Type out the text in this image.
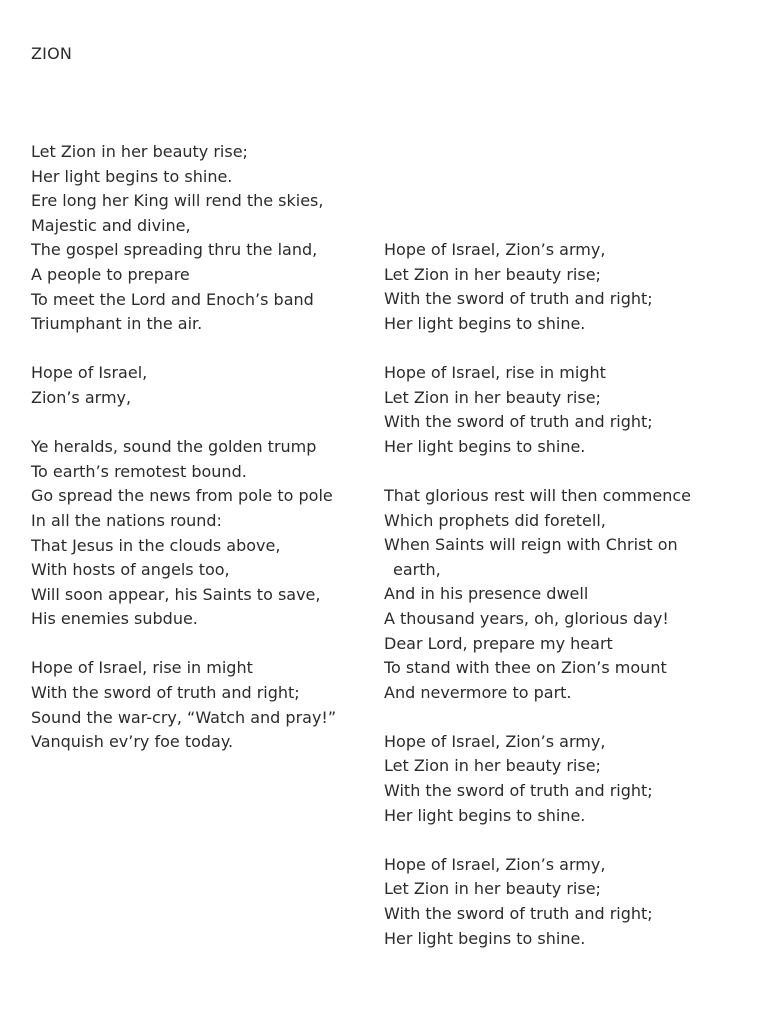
ZION
Let Zion in her beauty rise;
Her light begins to shine.
Ere long her King will rend the skies,
Majestic and divine,
The gospel spreading thru the land,
A people to prepare
To meet the Lord and Enoch’s band
Triumphant in the air.
Hope of Israel,
Zion’s army,
Ye heralds, sound the golden trump
To earth’s remotest bound.
Go spread the news from pole to pole
In all the nations round:
That Jesus in the clouds above,
With hosts of angels too,
Will soon appear, his Saints to save,
His enemies subdue.
Hope of Israel, rise in might
With the sword of truth and right;
Sound the war-cry, “Watch and pray!”
Vanquish ev’ry foe today.
Hope of Israel, Zion’s army,
Let Zion in her beauty rise;
With the sword of truth and right;
Her light begins to shine.
Hope of Israel, rise in might
Let Zion in her beauty rise;
With the sword of truth and right;
Her light begins to shine.
That glorious rest will then commence
Which prophets did foretell,
When Saints will reign with Christ on
earth,
And in his presence dwell
A thousand years, oh, glorious day!
Dear Lord, prepare my heart
To stand with thee on Zion’s mount
And nevermore to part.
Hope of Israel, Zion’s army,
Let Zion in her beauty rise;
With the sword of truth and right;
Her light begins to shine.
Hope of Israel, Zion’s army,
Let Zion in her beauty rise;
With the sword of truth and right;
Her light begins to shine.
